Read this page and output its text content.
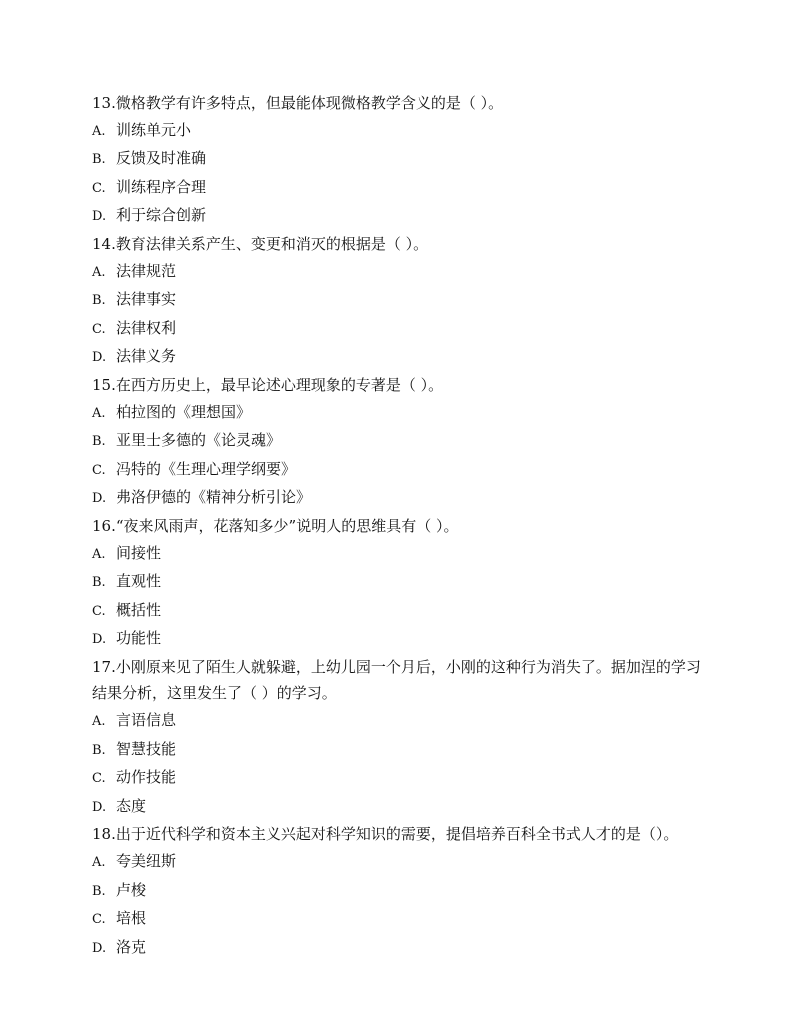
13.微格教学有许多特点，但最能体现微格教学含义的是（ ）。
A. 训练单元小
B. 反馈及时准确
C. 训练程序合理
D. 利于综合创新
14.教育法律关系产生、变更和消灭的根据是（ ）。
A. 法律规范
B. 法律事实
C. 法律权利
D. 法律义务
15.在西方历史上，最早论述心理现象的专著是（ ）。
A. 柏拉图的《理想国》
B. 亚里士多德的《论灵魂》
C. 冯特的《生理心理学纲要》
D. 弗洛伊德的《精神分析引论》
16.“夜来风雨声，花落知多少”说明人的思维具有（ ）。
A. 间接性
B. 直观性
C. 概括性
D. 功能性
17.小刚原来见了陌生人就躲避，上幼儿园一个月后，小刚的这种行为消失了。据加涅的学习结果分析，这里发生了（ ）的学习。
A. 言语信息
B. 智慧技能
C. 动作技能
D. 态度
18.出于近代科学和资本主义兴起对科学知识的需要，提倡培养百科全书式人才的是（）。
A. 夸美纽斯
B. 卢梭
C. 培根
D. 洛克
